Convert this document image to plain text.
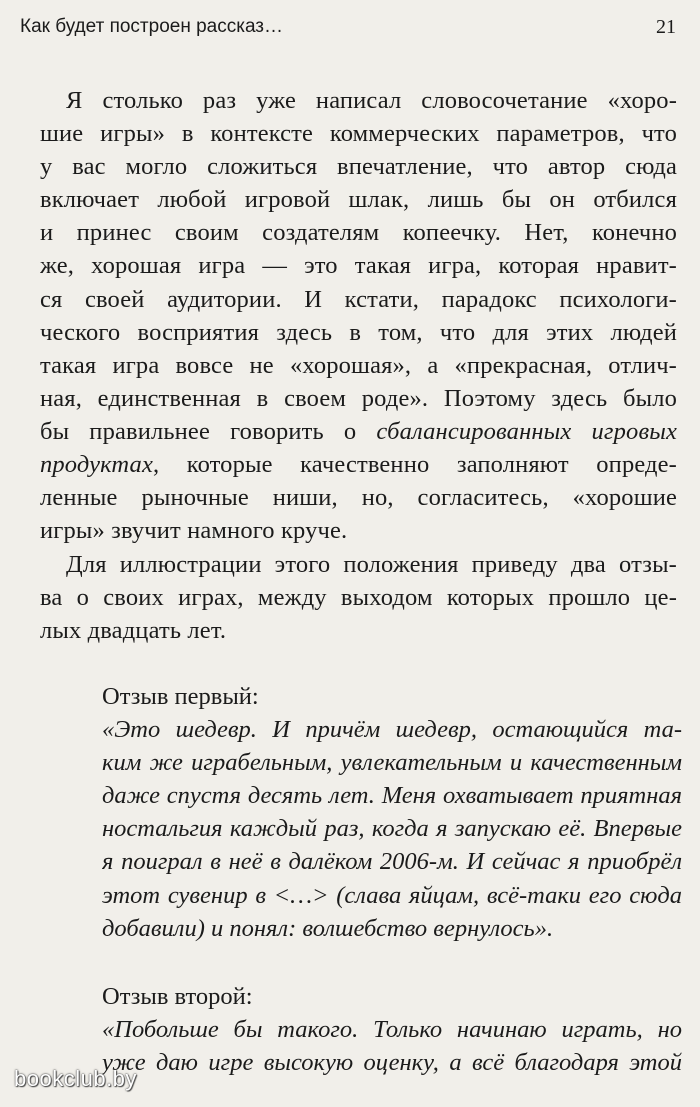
Как будет построен рассказ…	21
Я столько раз уже написал словосочетание «хоро-
шие игры» в контексте коммерческих параметров, что
у вас могло сложиться впечатление, что автор сюда
включает любой игровой шлак, лишь бы он отбился
и принес своим создателям копеечку. Нет, конечно
же, хорошая игра — это такая игра, которая нравит-
ся своей аудитории. И кстати, парадокс психологи-
ческого восприятия здесь в том, что для этих людей
такая игра вовсе не «хорошая», а «прекрасная, отлич-
ная, единственная в своем роде». Поэтому здесь было
бы правильнее говорить о сбалансированных игровых
продуктах, которые качественно заполняют опреде-
ленные рыночные ниши, но, согласитесь, «хорошие
игры» звучит намного круче.
Для иллюстрации этого положения приведу два отзы-
ва о своих играх, между выходом которых прошло це-
лых двадцать лет.
Отзыв первый:
«Это шедевр. И причём шедевр, остающийся та-
ким же играбельным, увлекательным и качественным
даже спустя десять лет. Меня охватывает приятная
ностальгия каждый раз, когда я запускаю её. Впервые
я поиграл в неё в далёком 2006-м. И сейчас я приобрёл
этот сувенир в <…> (слава яйцам, всё-таки его сюда
добавили) и понял: волшебство вернулось».
Отзыв второй:
«Побольше бы такого. Только начинаю играть, но
уже даю игре высокую оценку, а всё благодаря этой
bookclub.by
